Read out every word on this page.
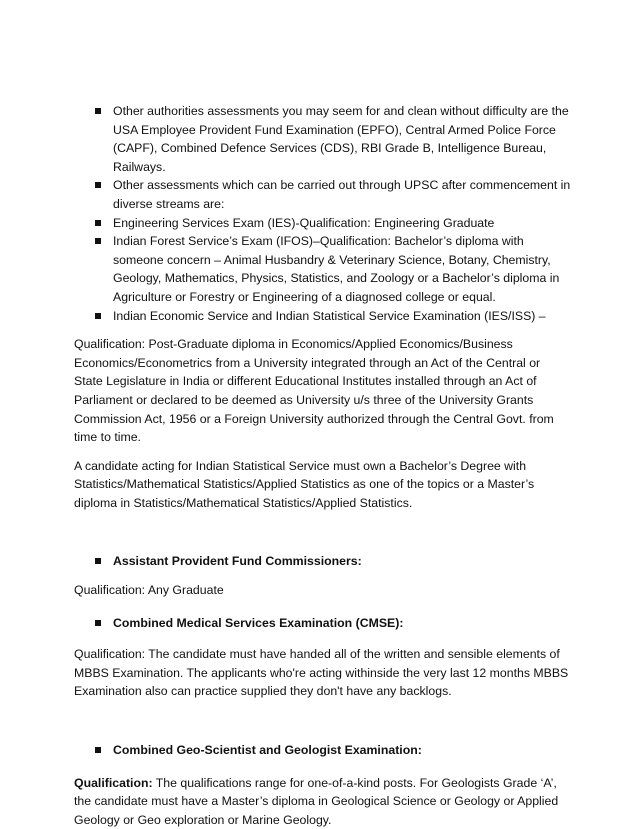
Other authorities assessments you may seem for and clean without difficulty are the USA Employee Provident Fund Examination (EPFO), Central Armed Police Force (CAPF), Combined Defence Services (CDS), RBI Grade B, Intelligence Bureau, Railways.
Other assessments which can be carried out through UPSC after commencement in diverse streams are:
Engineering Services Exam (IES)-Qualification: Engineering Graduate
Indian Forest Service’s Exam (IFOS)–Qualification: Bachelor’s diploma with someone concern – Animal Husbandry & Veterinary Science, Botany, Chemistry, Geology, Mathematics, Physics, Statistics, and Zoology or a Bachelor’s diploma in Agriculture or Forestry or Engineering of a diagnosed college or equal.
Indian Economic Service and Indian Statistical Service Examination (IES/ISS) –

Qualification: Post-Graduate diploma in Economics/Applied Economics/Business Economics/Econometrics from a University integrated through an Act of the Central or State Legislature in India or different Educational Institutes installed through an Act of Parliament or declared to be deemed as University u/s three of the University Grants Commission Act, 1956 or a Foreign University authorized through the Central Govt. from time to time.

A candidate acting for Indian Statistical Service must own a Bachelor’s Degree with Statistics/Mathematical Statistics/Applied Statistics as one of the topics or a Master’s diploma in Statistics/Mathematical Statistics/Applied Statistics.

Assistant Provident Fund Commissioners:

Qualification: Any Graduate

Combined Medical Services Examination (CMSE):

Qualification: The candidate must have handed all of the written and sensible elements of MBBS Examination. The applicants who're acting withinside the very last 12 months MBBS Examination also can practice supplied they don't have any backlogs.

Combined Geo-Scientist and Geologist Examination:

Qualification: The qualifications range for one-of-a-kind posts. For Geologists Grade ‘A’, the candidate must have a Master’s diploma in Geological Science or Geology or Applied Geology or Geo exploration or Marine Geology.
